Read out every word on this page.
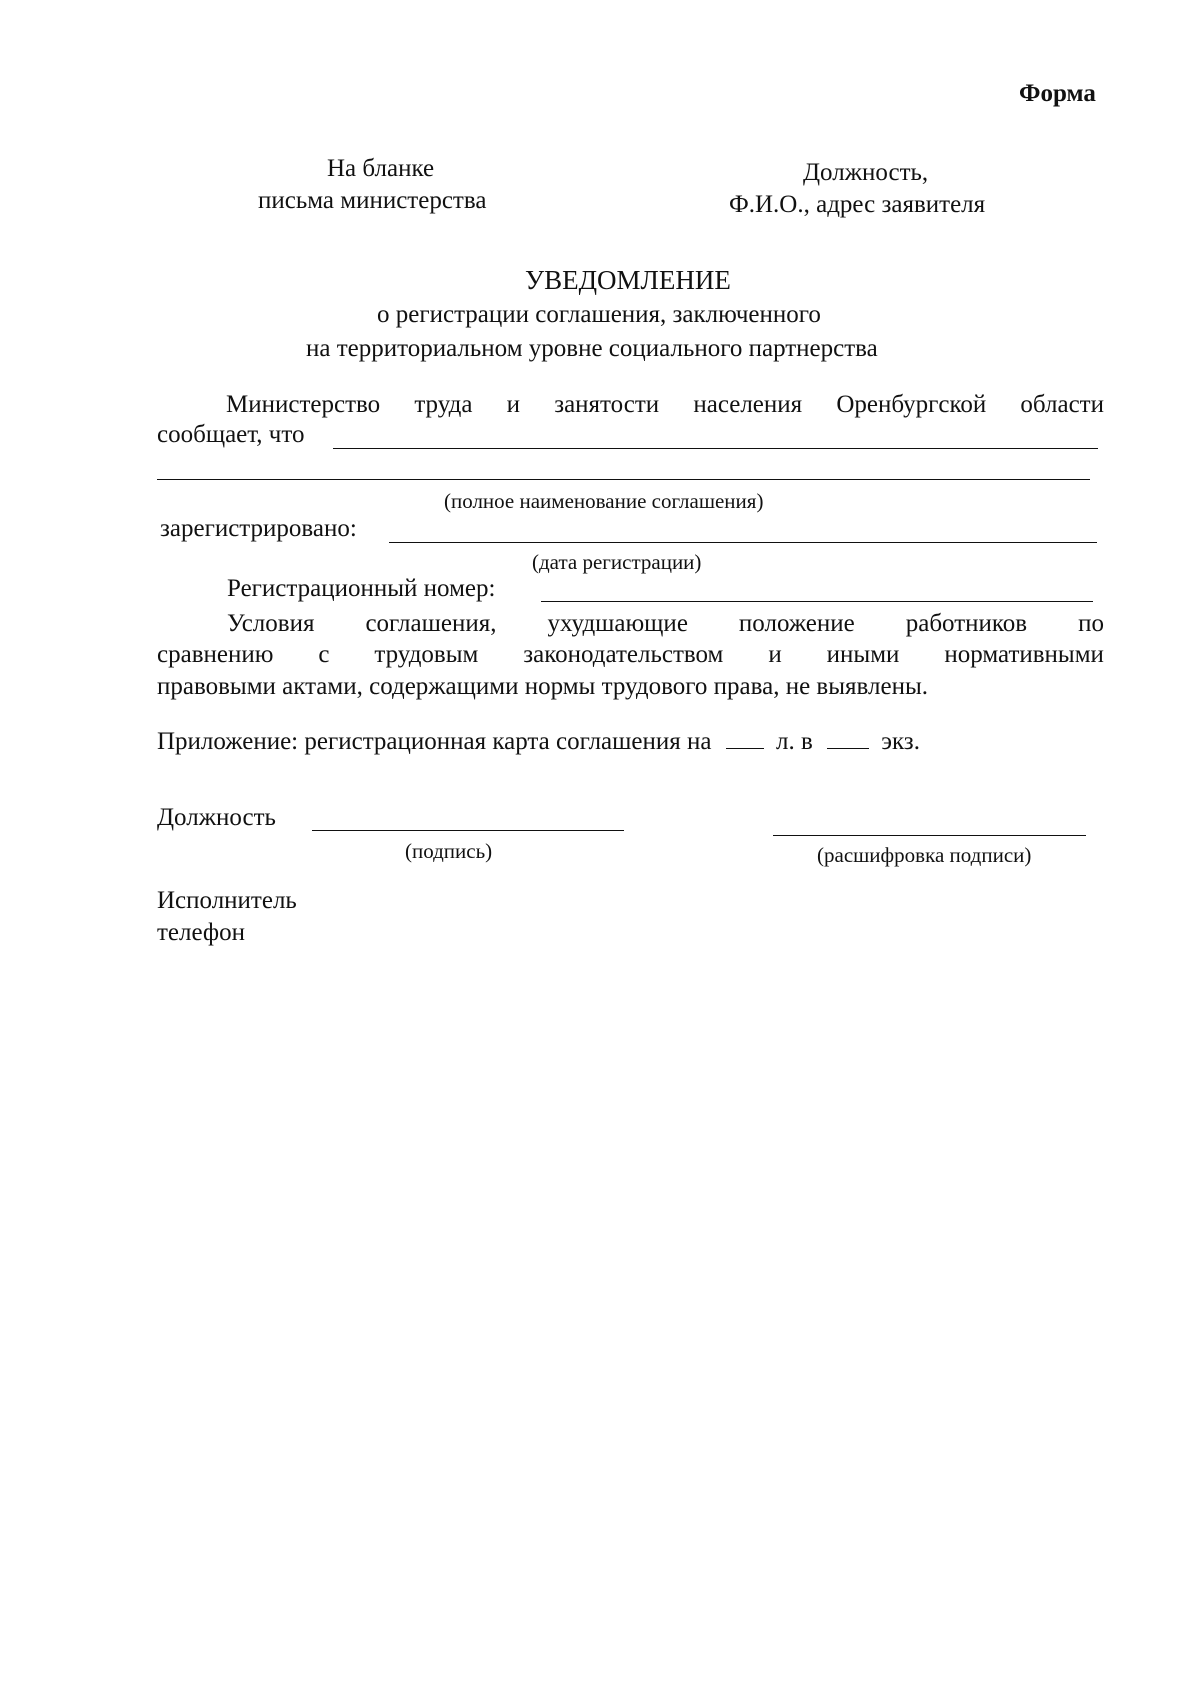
Форма
На бланке
письма министерства
Должность,
Ф.И.О., адрес заявителя
УВЕДОМЛЕНИЕ
о регистрации соглашения, заключенного
на территориальном уровне социального партнерства
Министерство труда и занятости населения Оренбургской области
сообщает, что
(полное наименование соглашения)
зарегистрировано:
(дата регистрации)
Регистрационный номер:
Условия соглашения, ухудшающие положение работников по
сравнению с трудовым законодательством и иными нормативными
правовыми актами, содержащими нормы трудового права, не выявлены.
Приложение: регистрационная карта соглашения на	л. в	экз.
Должность
(подпись)	(расшифровка подписи)
Исполнитель
телефон
